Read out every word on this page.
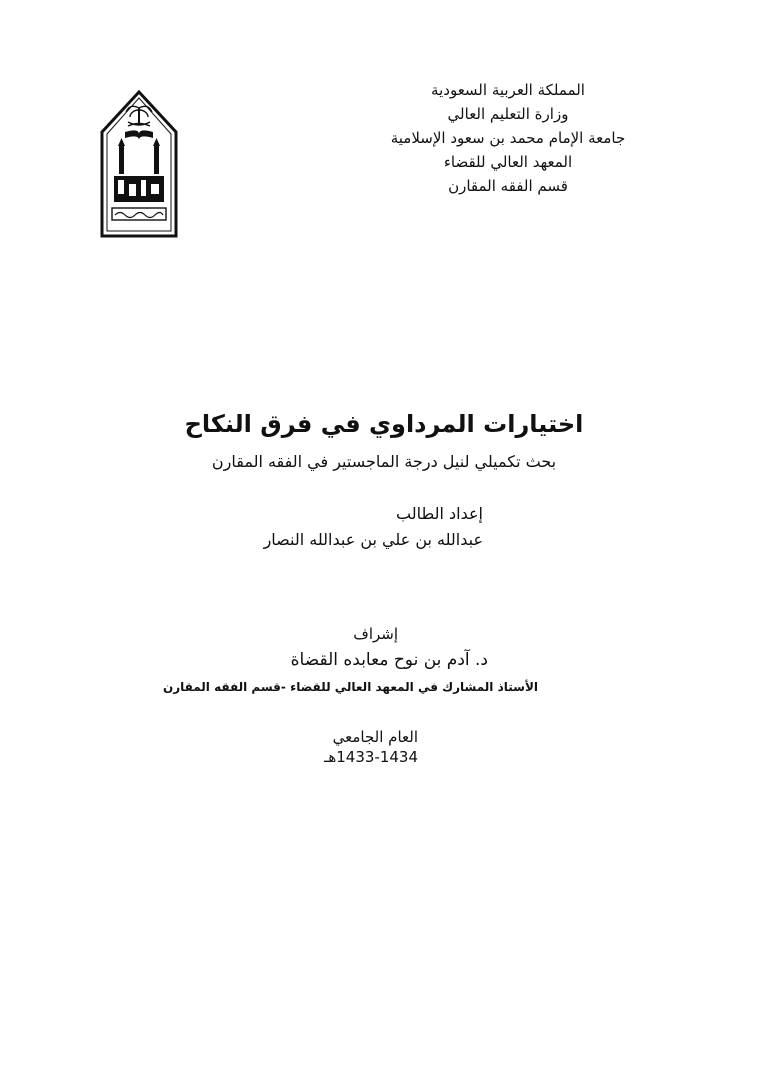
المملكة العربية السعودية
وزارة التعليم العالي
جامعة الإمام محمد بن سعود الإسلامية
المعهد العالي للقضاء
قسم الفقه المقارن
اختيارات المرداوي في فرق النكاح
بحث تكميلي لنيل درجة الماجستير في الفقه المقارن
إعداد الطالب
عبدالله بن علي بن عبدالله النصار
إشراف
د. آدم بن نوح معابده القضاة
الأستاذ المشارك في المعهد العالي للقضاء -قسم الفقه المقارن
العام الجامعي
1433-1434هـ
